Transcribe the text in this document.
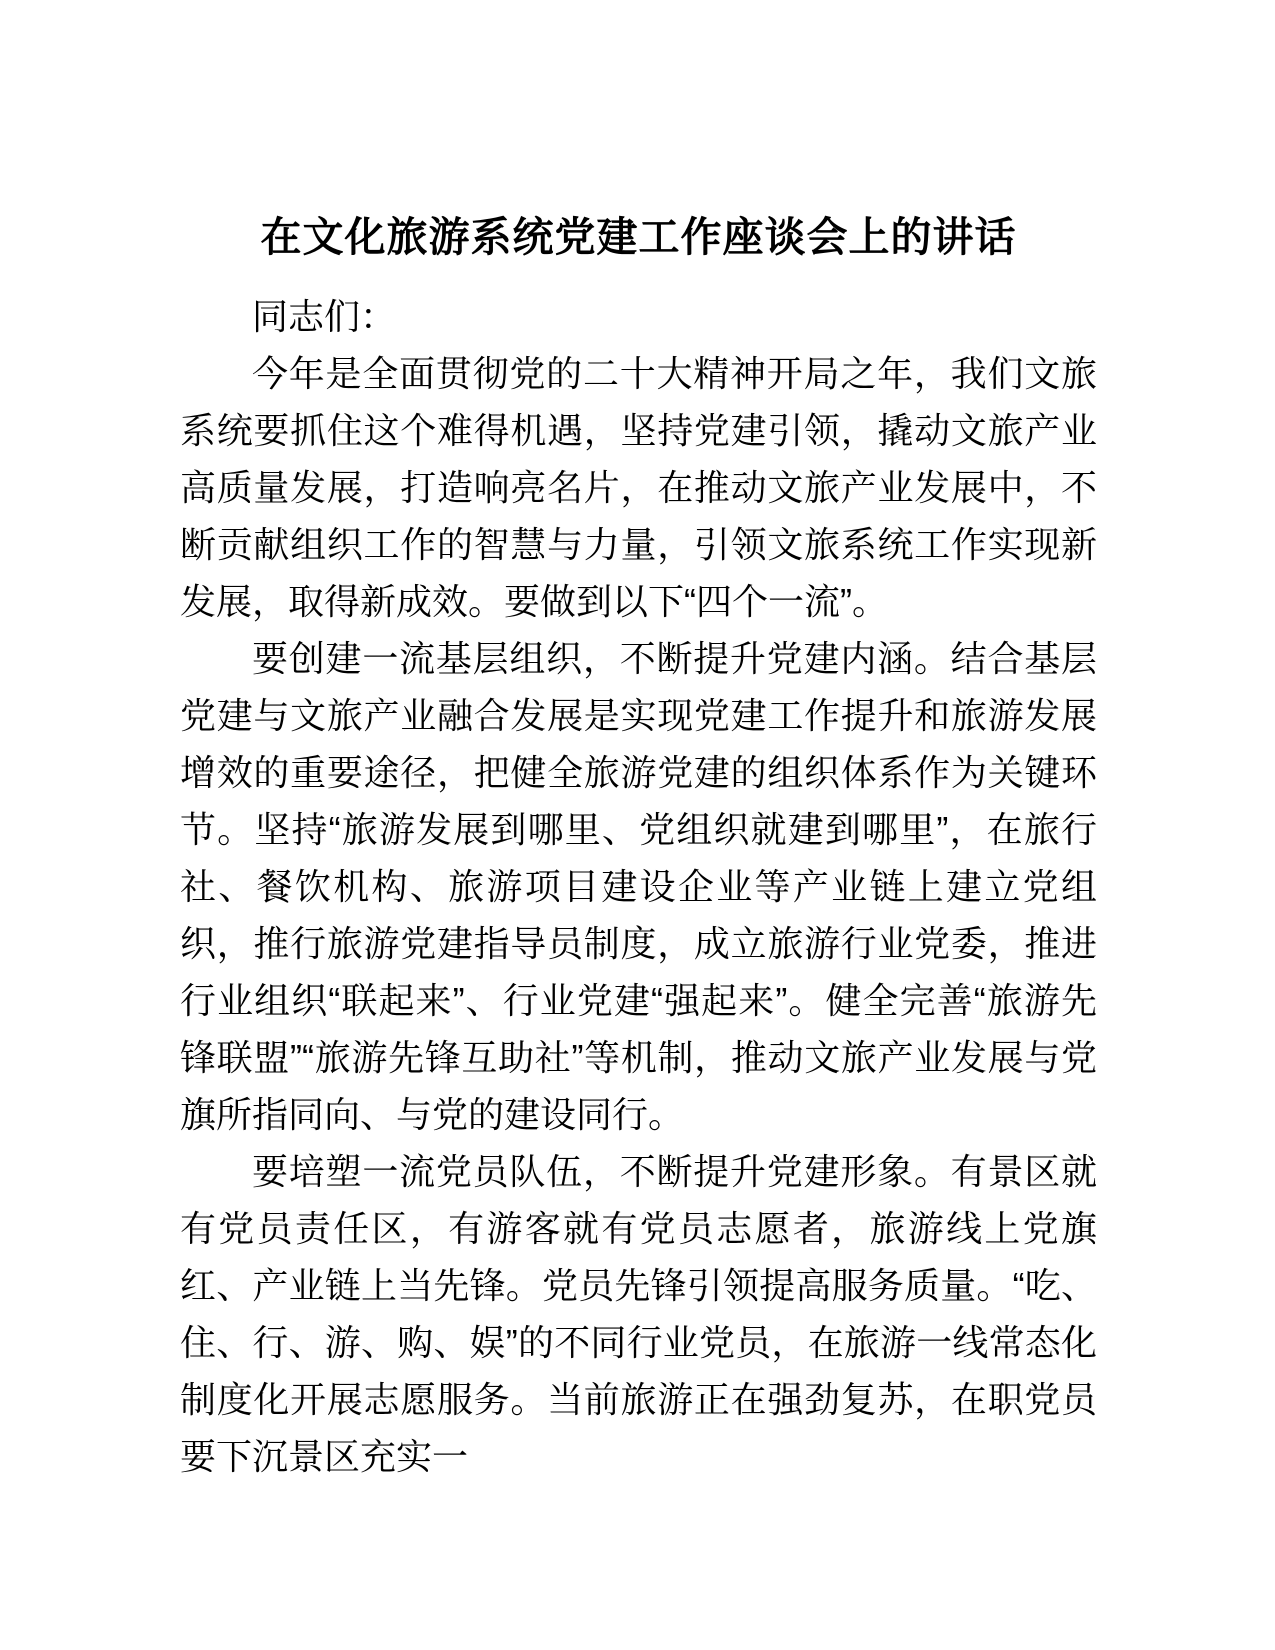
在文化旅游系统党建工作座谈会上的讲话

同志们：

今年是全面贯彻党的二十大精神开局之年，我们文旅系统要抓住这个难得机遇，坚持党建引领，撬动文旅产业高质量发展，打造响亮名片，在推动文旅产业发展中，不断贡献组织工作的智慧与力量，引领文旅系统工作实现新发展，取得新成效。要做到以下“四个一流”。

要创建一流基层组织，不断提升党建内涵。结合基层党建与文旅产业融合发展是实现党建工作提升和旅游发展增效的重要途径，把健全旅游党建的组织体系作为关键环节。坚持“旅游发展到哪里、党组织就建到哪里”，在旅行社、餐饮机构、旅游项目建设企业等产业链上建立党组织，推行旅游党建指导员制度，成立旅游行业党委，推进行业组织“联起来”、行业党建“强起来”。健全完善“旅游先锋联盟”“旅游先锋互助社”等机制，推动文旅产业发展与党旗所指同向、与党的建设同行。

要培塑一流党员队伍，不断提升党建形象。有景区就有党员责任区，有游客就有党员志愿者，旅游线上党旗红、产业链上当先锋。党员先锋引领提高服务质量。“吃、住、行、游、购、娱”的不同行业党员，在旅游一线常态化制度化开展志愿服务。当前旅游正在强劲复苏，在职党员要下沉景区充实一
